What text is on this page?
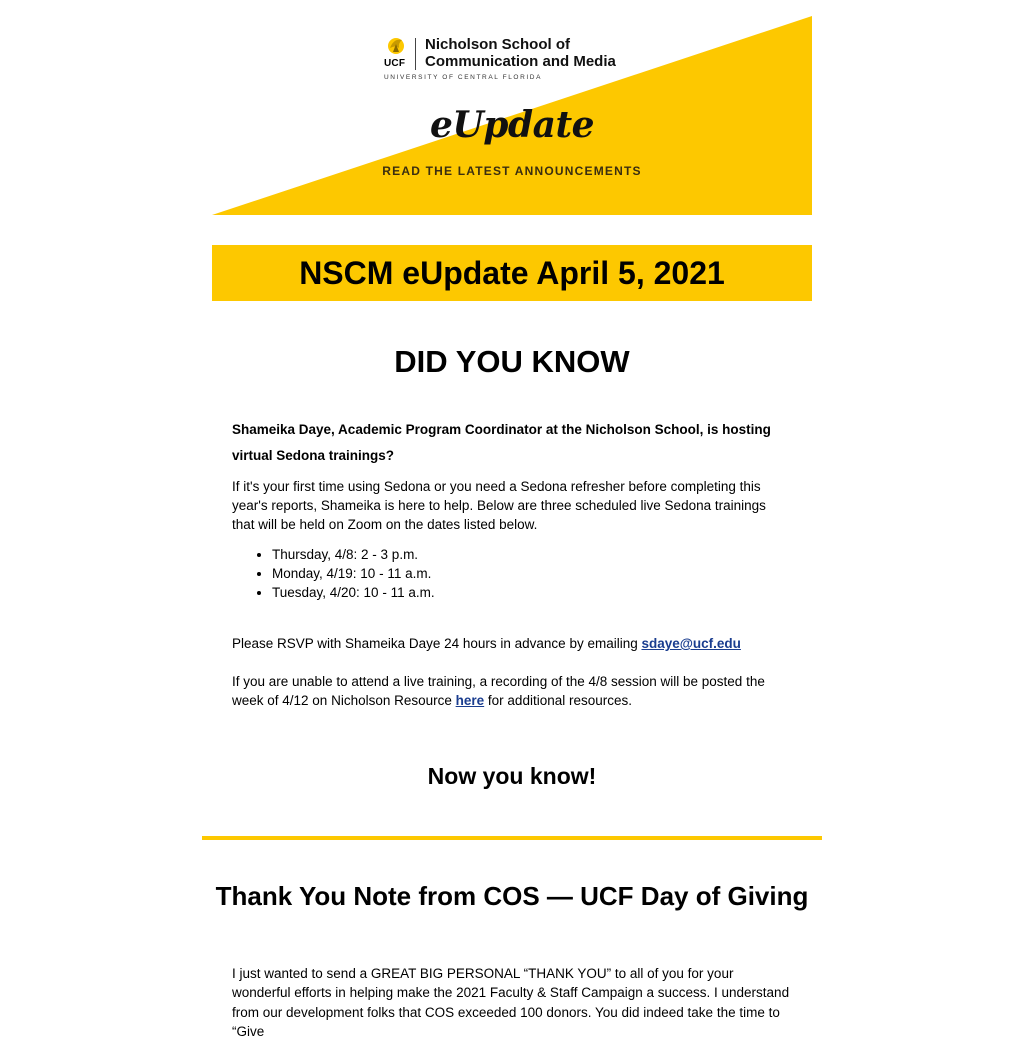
UCF
Nicholson School of
Communication and Media
UNIVERSITY OF CENTRAL FLORIDA
eUpdate
READ THE LATEST ANNOUNCEMENTS
NSCM eUpdate April 5, 2021
DID YOU KNOW
Shameika Daye, Academic Program Coordinator at the Nicholson School, is hosting virtual Sedona trainings?
If it's your first time using Sedona or you need a Sedona refresher before completing this year's reports, Shameika is here to help. Below are three scheduled live Sedona trainings that will be held on Zoom on the dates listed below.
• Thursday, 4/8: 2 - 3 p.m.
• Monday, 4/19: 10 - 11 a.m.
• Tuesday, 4/20: 10 - 11 a.m.
Please RSVP with Shameika Daye 24 hours in advance by emailing sdaye@ucf.edu
If you are unable to attend a live training, a recording of the 4/8 session will be posted the week of 4/12 on Nicholson Resource here for additional resources.
Now you know!
Thank You Note from COS — UCF Day of Giving
I just wanted to send a GREAT BIG PERSONAL “THANK YOU” to all of you for your wonderful efforts in helping make the 2021 Faculty & Staff Campaign a success. I understand from our development folks that COS exceeded 100 donors. You did indeed take the time to “Give
